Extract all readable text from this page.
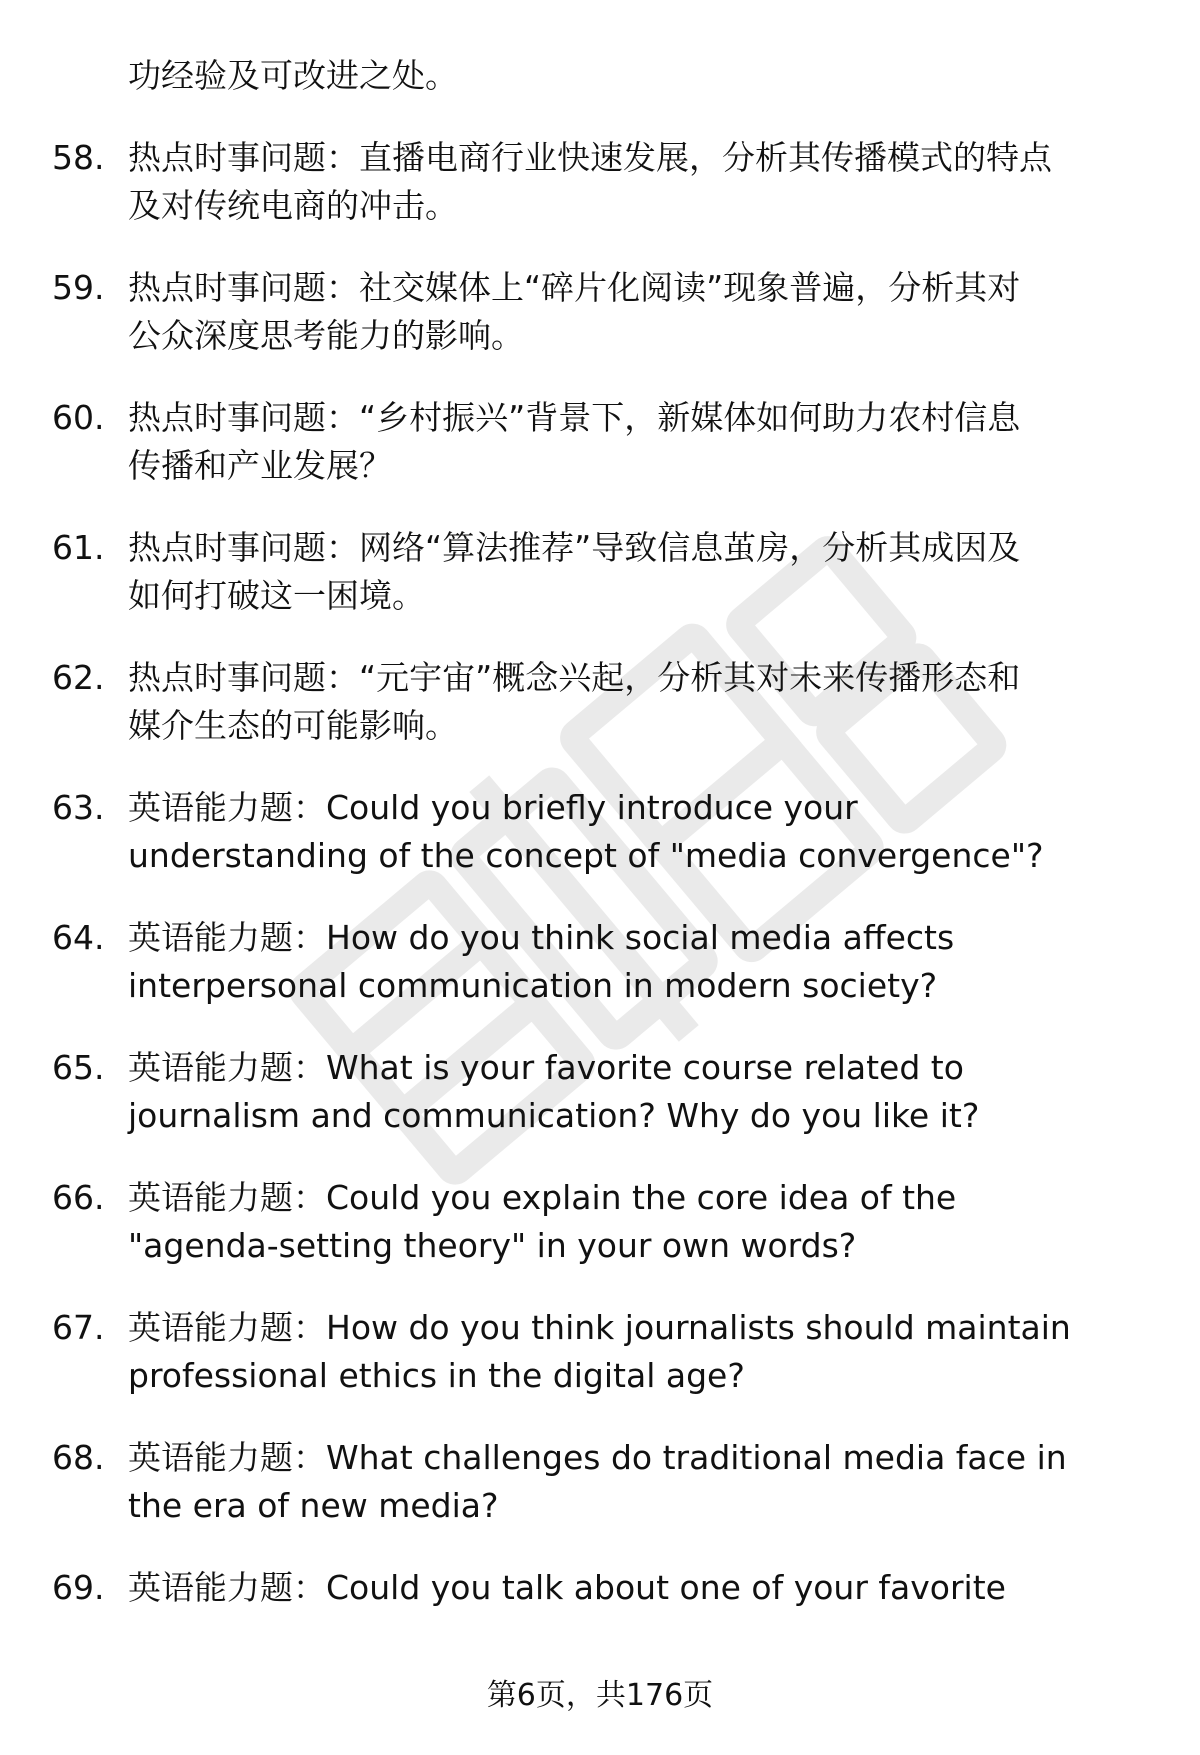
功经验及可改进之处。
58. 热点时事问题：直播电商行业快速发展，分析其传播模式的特点
及对传统电商的冲击。
59. 热点时事问题：社交媒体上“碎片化阅读”现象普遍，分析其对
公众深度思考能力的影响。
60. 热点时事问题：“乡村振兴”背景下，新媒体如何助力农村信息
传播和产业发展？
61. 热点时事问题：网络“算法推荐”导致信息茧房，分析其成因及
如何打破这一困境。
62. 热点时事问题：“元宇宙”概念兴起，分析其对未来传播形态和
媒介生态的可能影响。
63. 英语能力题：Could you briefly introduce your
understanding of the concept of "media convergence"?
64. 英语能力题：How do you think social media affects
interpersonal communication in modern society?
65. 英语能力题：What is your favorite course related to
journalism and communication? Why do you like it?
66. 英语能力题：Could you explain the core idea of the
"agenda-setting theory" in your own words?
67. 英语能力题：How do you think journalists should maintain
professional ethics in the digital age?
68. 英语能力题：What challenges do traditional media face in
the era of new media?
69. 英语能力题：Could you talk about one of your favorite
第6页，共176页
